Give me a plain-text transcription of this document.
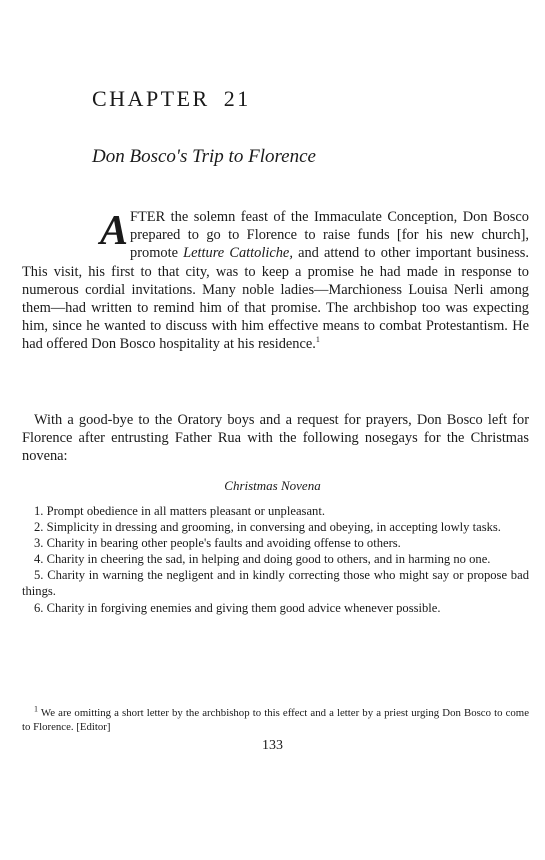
CHAPTER 21
Don Bosco's Trip to Florence

AFTER the solemn feast of the Immaculate Conception, Don Bosco prepared to go to Florence to raise funds [for his new church], promote Letture Cattoliche, and attend to other important business. This visit, his first to that city, was to keep a promise he had made in response to numerous cordial invitations. Many noble ladies—Marchioness Louisa Nerli among them—had written to remind him of that promise. The archbishop too was expecting him, since he wanted to discuss with him effective means to combat Protestantism. He had offered Don Bosco hospitality at his residence.$^1$

With a good-bye to the Oratory boys and a request for prayers, Don Bosco left for Florence after entrusting Father Rua with the following nosegays for the Christmas novena:

Christmas Novena

1. Prompt obedience in all matters pleasant or unpleasant.
2. Simplicity in dressing and grooming, in conversing and obeying, in accepting lowly tasks.
3. Charity in bearing other people's faults and avoiding offense to others.
4. Charity in cheering the sad, in helping and doing good to others, and in harming no one.
5. Charity in warning the negligent and in kindly correcting those who might say or propose bad things.
6. Charity in forgiving enemies and giving them good advice whenever possible.

$^1$ We are omitting a short letter by the archbishop to this effect and a letter by a priest urging Don Bosco to come to Florence. [Editor]

133
